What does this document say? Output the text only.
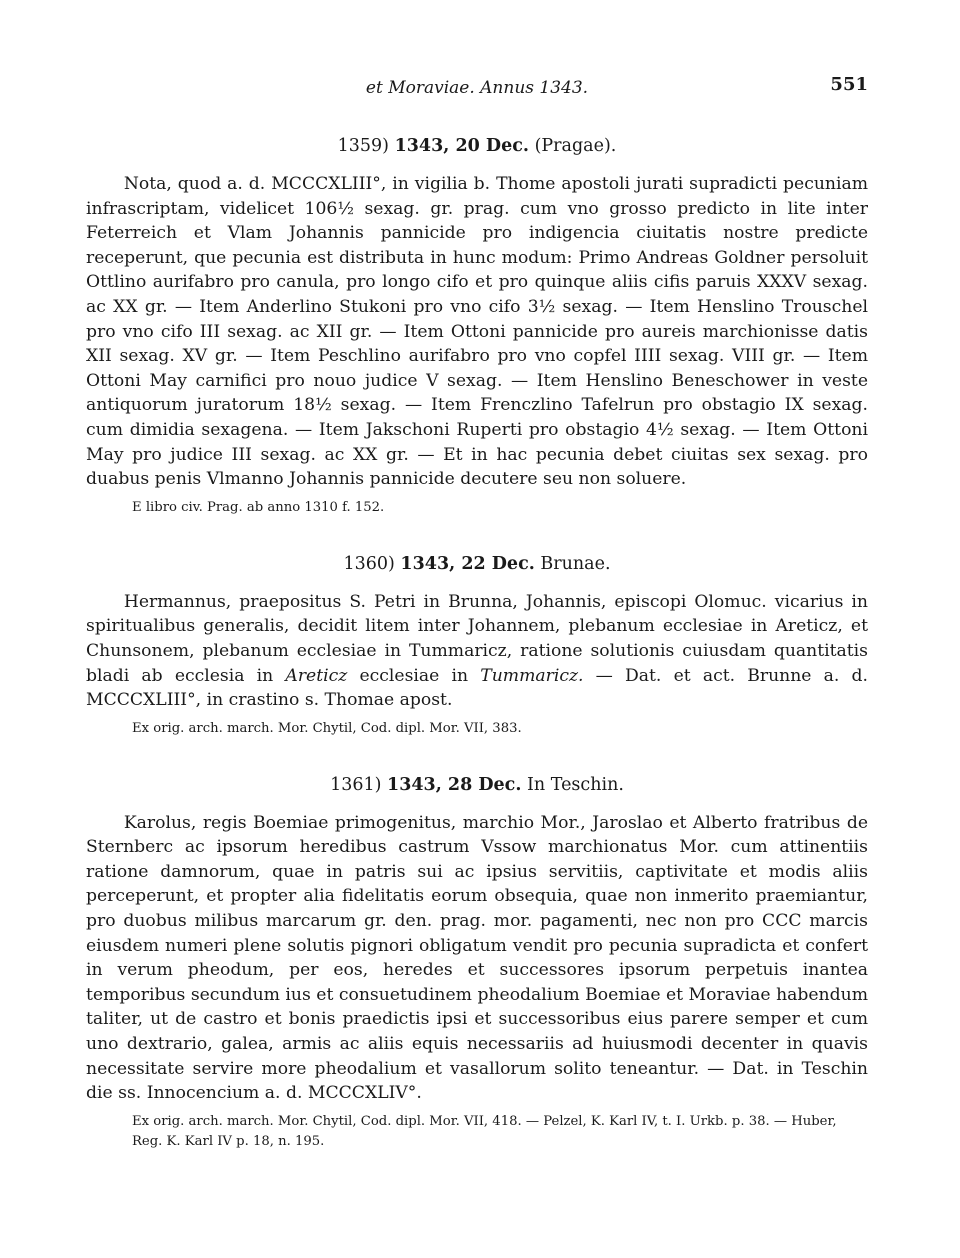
et Moraviae. Annus 1343.	551
1359) 1343, 20 Dec. (Pragae).

Nota, quod a. d. MCCCXLIII°, in vigilia b. Thome apostoli jurati supradicti pecuniam infrascriptam, videlicet 106½ sexag. gr. prag. cum vno grosso predicto in lite inter Feterreich et Vlam Johannis pannicide pro indigencia ciuitatis nostre predicte receperunt, que pecunia est distributa in hunc modum: Primo Andreas Goldner persoluit Ottlino aurifabro pro canula, pro longo cifo et pro quinque aliis cifis paruis XXXV sexag. ac XX gr. — Item Anderlino Stukoni pro vno cifo 3½ sexag. — Item Henslino Trouschel pro vno cifo III sexag. ac XII gr. — Item Ottoni pannicide pro aureis marchionisse datis XII sexag. XV gr. — Item Peschlino aurifabro pro vno copfel IIII sexag. VIII gr. — Item Ottoni May carnifici pro nouo judice V sexag. — Item Henslino Beneschower in veste antiquorum juratorum 18½ sexag. — Item Frenczlino Tafelrun pro obstagio IX sexag. cum dimidia sexagena. — Item Jakschoni Ruperti pro obstagio 4½ sexag. — Item Ottoni May pro judice III sexag. ac XX gr. — Et in hac pecunia debet ciuitas sex sexag. pro duabus penis Vlmanno Johannis pannicide decutere seu non soluere.

E libro civ. Prag. ab anno 1310 f. 152.
1360) 1343, 22 Dec. Brunae.

Hermannus, praepositus S. Petri in Brunna, Johannis, episcopi Olomuc. vicarius in spiritualibus generalis, decidit litem inter Johannem, plebanum ecclesiae in Areticz, et Chunsonem, plebanum ecclesiae in Tummaricz, ratione solutionis cuiusdam quantitatis bladi ab ecclesia in Areticz ecclesiae in Tummaricz. — Dat. et act. Brunne a. d. MCCCXLIII°, in crastino s. Thomae apost.

Ex orig. arch. march. Mor. Chytil, Cod. dipl. Mor. VII, 383.
1361) 1343, 28 Dec. In Teschin.

Karolus, regis Boemiae primogenitus, marchio Mor., Jaroslao et Alberto fratribus de Sternberc ac ipsorum heredibus castrum Vssow marchionatus Mor. cum attinentiis ratione damnorum, quae in patris sui ac ipsius servitiis, captivitate et modis aliis perceperunt, et propter alia fidelitatis eorum obsequia, quae non inmerito praemiantur, pro duobus milibus marcarum gr. den. prag. mor. pagamenti, nec non pro CCC marcis eiusdem numeri plene solutis pignori obligatum vendit pro pecunia supradicta et confert in verum pheodum, per eos, heredes et successores ipsorum perpetuis inantea temporibus secundum ius et consuetudinem pheodalium Boemiae et Moraviae habendum taliter, ut de castro et bonis praedictis ipsi et successoribus eius parere semper et cum uno dextrario, galea, armis ac aliis equis necessariis ad huiusmodi decenter in quavis necessitate servire more pheodalium et vasallorum solito teneantur. — Dat. in Teschin die ss. Innocencium a. d. MCCCXLIV°.

Ex orig. arch. march. Mor. Chytil, Cod. dipl. Mor. VII, 418. — Pelzel, K. Karl IV, t. I. Urkb. p. 38. — Huber, Reg. K. Karl IV p. 18, n. 195.
